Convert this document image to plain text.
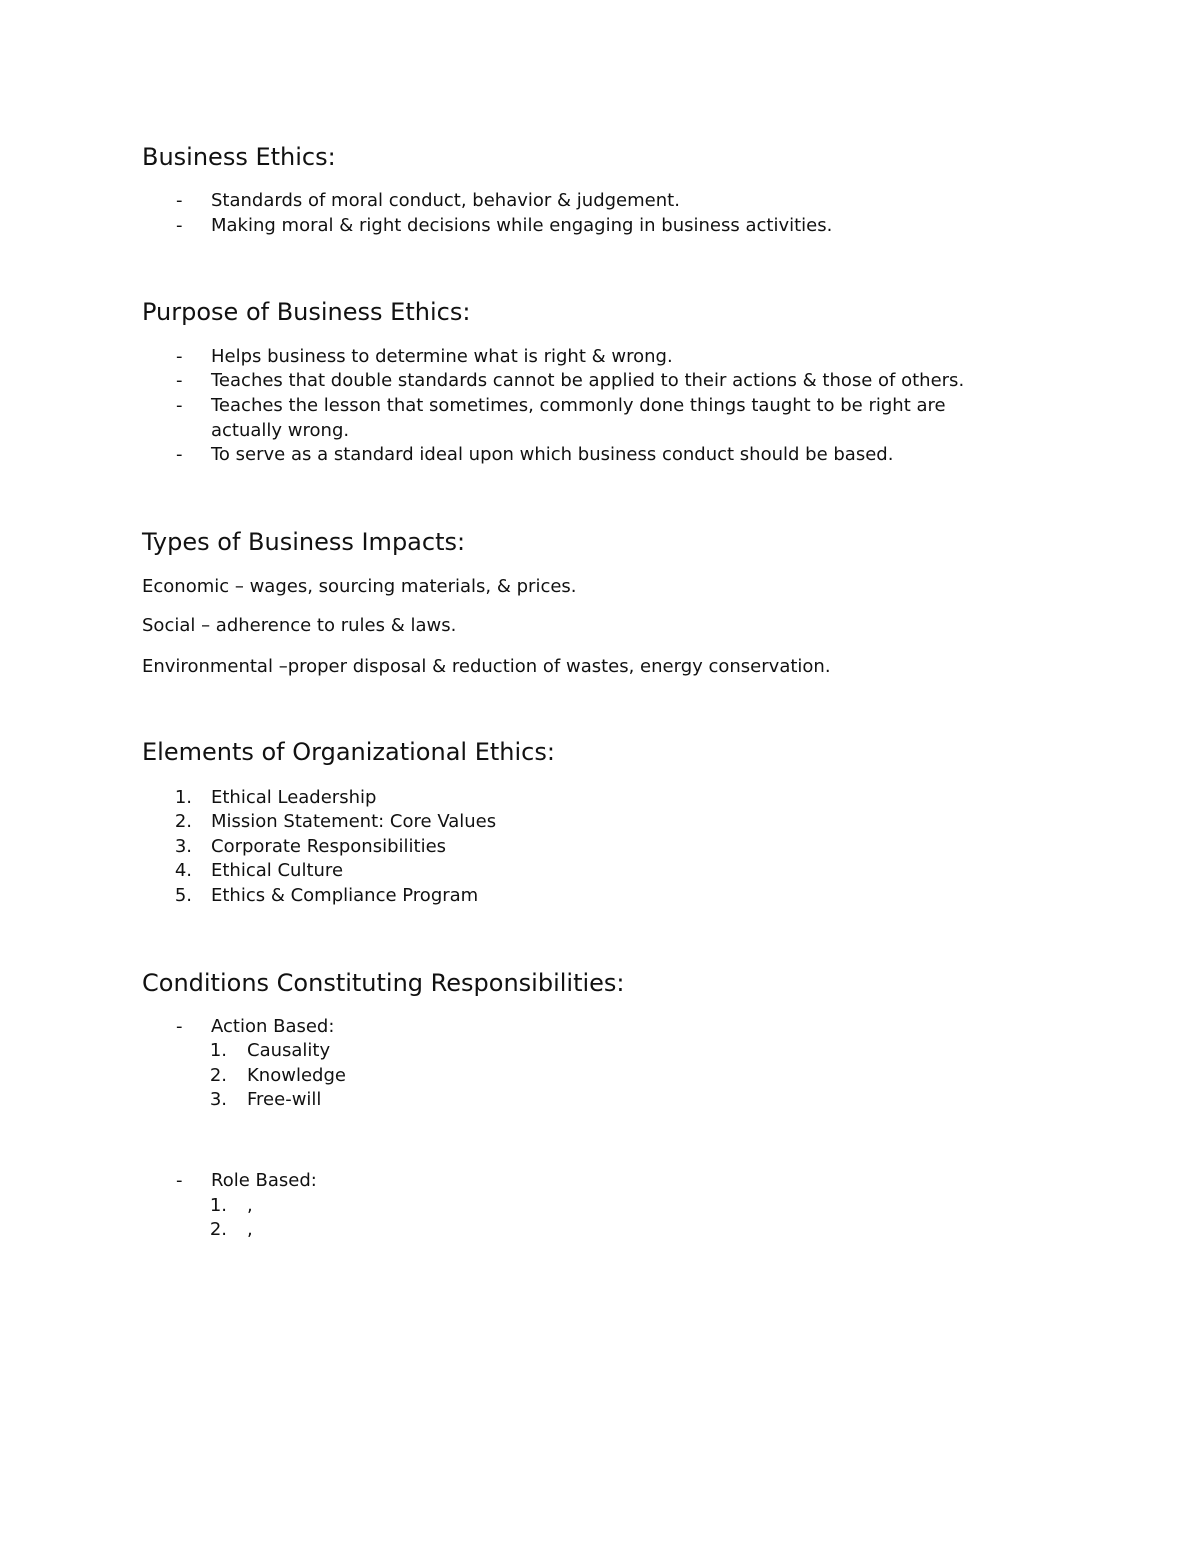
Business Ethics:
-	Standards of moral conduct, behavior & judgement.
-	Making moral & right decisions while engaging in business activities.
Purpose of Business Ethics:
-	Helps business to determine what is right & wrong.
-	Teaches that double standards cannot be applied to their actions & those of others.
-	Teaches the lesson that sometimes, commonly done things taught to be right are
actually wrong.
-	To serve as a standard ideal upon which business conduct should be based.
Types of Business Impacts:
Economic – wages, sourcing materials, & prices.
Social – adherence to rules & laws.
Environmental –proper disposal & reduction of wastes, energy conservation.
Elements of Organizational Ethics:
1. Ethical Leadership
2. Mission Statement: Core Values
3. Corporate Responsibilities
4. Ethical Culture
5. Ethics & Compliance Program
Conditions Constituting Responsibilities:
-	Action Based:
1. Causality
2. Knowledge
3. Free-will
-	Role Based:
1. ,
2. ,
